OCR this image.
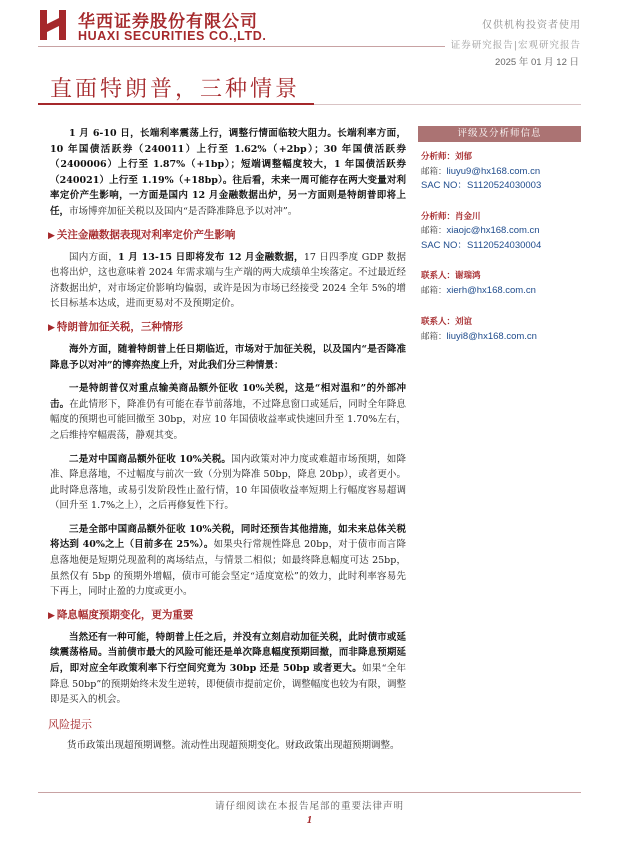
华西证券股份有限公司
HUAXI SECURITIES CO.,LTD.
仅供机构投资者使用
证券研究报告|宏观研究报告
2025 年 01 月 12 日
直面特朗普，三种情景

1 月 6-10 日，长端利率震荡上行，调整行情面临较大阻力。长端利率方面，10 年国债活跃券（240011）上行至 1.62%（+2bp）；30 年国债活跃券（2400006）上行至 1.87%（+1bp）；短端调整幅度较大，1 年国债活跃券（240021）上行至 1.19%（+18bp）。往后看，未来一周可能存在两大变量对利率定价产生影响，一方面是国内 12 月金融数据出炉，另一方面则是特朗普即将上任，市场博弈加征关税以及国内“是否降准降息予以对冲”。

▶ 关注金融数据表现对利率定价产生影响

国内方面，1 月 13-15 日即将发布 12 月金融数据，17 日四季度 GDP 数据也将出炉，这也意味着 2024 年需求端与生产端的两大成绩单尘埃落定。不过最近经济数据出炉，对市场定价影响均偏弱，或许是因为市场已经接受 2024 全年 5%的增长目标基本达成，进而更易对不及预期定价。

▶ 特朗普加征关税，三种情形

海外方面，随着特朗普上任日期临近，市场对于加征关税，以及国内“是否降准降息予以对冲”的博弈热度上升，对此我们分三种情景：

一是特朗普仅对重点输美商品额外征收 10%关税，这是“相对温和”的外部冲击。在此情形下，降准仍有可能在春节前落地，不过降息窗口或延后，同时全年降息幅度的预期也可能回撤至 30bp，对应 10 年国债收益率或快速回升至 1.70%左右，之后维持窄幅震荡，静观其变。

二是对中国商品额外征收 10%关税。国内政策对冲力度或难超市场预期，如降准、降息落地，不过幅度与前次一致（分别为降准 50bp，降息 20bp），或者更小。此时降息落地，或易引发阶段性止盈行情，10 年国债收益率短期上行幅度容易超调（回升至 1.7%之上），之后再修复性下行。

三是全部中国商品额外征收 10%关税，同时还预告其他措施，如未来总体关税将达到 40%之上（目前多在 25%）。如果央行常规性降息 20bp，对于债市而言降息落地便是短期兑现盈利的离场结点，与情景二相似；如最终降息幅度可达 25bp，虽然仅有 5bp 的预期外增幅，债市可能会坚定“适度宽松”的效力，此时利率容易先下再上，同时止盈的力度或更小。

▶ 降息幅度预期变化，更为重要

当然还有一种可能，特朗普上任之后，并没有立刻启动加征关税，此时债市或延续震荡格局。当前债市最大的风险可能还是单次降息幅度预期回撤，而非降息预期延后，即对应全年政策利率下行空间究竟为 30bp 还是 50bp 或者更大。如果“全年降息 50bp”的预期始终未发生逆转，即便债市提前定价，调整幅度也较为有限，调整即是买入的机会。

风险提示

货币政策出现超预期调整。流动性出现超预期变化。财政政策出现超预期调整。

评级及分析师信息
分析师：刘郁
邮箱：liuyu9@hx168.com.cn
SAC NO：S1120524030003
分析师：肖金川
邮箱：xiaojc@hx168.com.cn
SAC NO：S1120524030004
联系人：谢瑞鸿
邮箱：xierh@hx168.com.cn
联系人：刘谊
邮箱：liuyi8@hx168.com.cn
请仔细阅读在本报告尾部的重要法律声明
1
